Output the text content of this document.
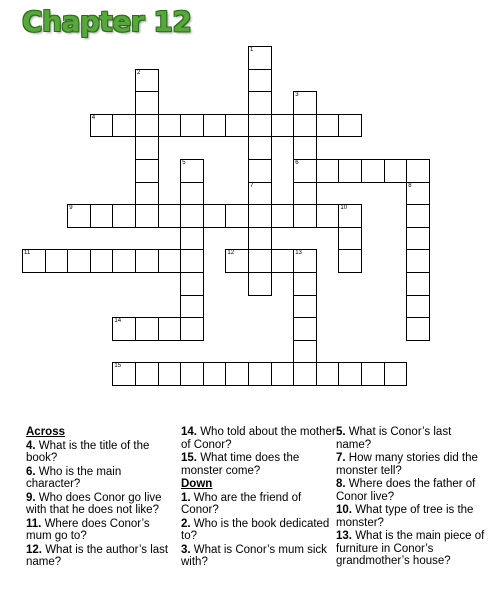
Chapter 12
1
7
2
3
6
4
5
8
9	10
11	12	13
14
15

Across

4. What is the title of the book?

6. Who is the main character?

9. Who does Conor go live with that he does not like?

11. Where does Conor’s mum go to?

12. What is the author’s last name?

14. Who told about the mother of Conor?

15. What time does the monster come?

Down

1. Who are the friend of Conor?

2. Who is the book dedicated to?

3. What is Conor’s mum sick with?

5. What is Conor’s last name?

7. How many stories did the monster tell?

8. Where does the father of Conor live?

10. What type of tree is the monster?

13. What is the main piece of furniture in Conor’s grandmother’s house?
